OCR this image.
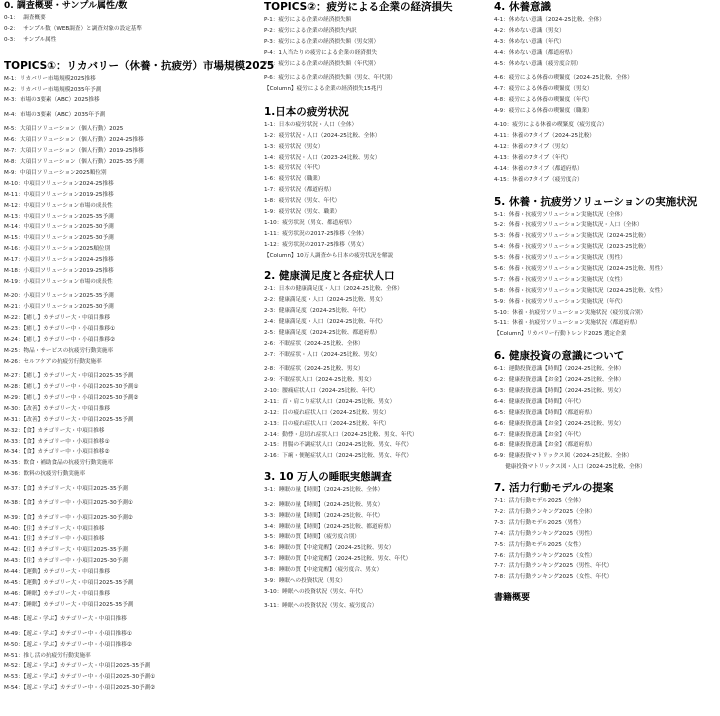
0. 調査概要・サンプル属性/数
0-1：　 調査概要
0-2：　 サンプル数（WEB調査）と調査対象の設定基準
0-3：　 サンプル属性
TOPICS①：リカバリー（休養・抗疲労）市場規模2025
M-1：リカバリー市場規模2025推移
M-2：リカバリー市場規模2035年予測
M-3：市場の3要素（ABC）2025推移
M-4：市場の3要素（ABC）2035年予測
M-5：大項目ソリューション（個人行動）2025
M-6：大項目ソリューション（個人行動）2024-25推移
M-7：大項目ソリューション（個人行動）2019-25推移
M-8：大項目ソリューション（個人行動）2025-35予測
M-9：中項目ソリューション2025順位別
M-10：中項目ソリューション2024-25推移
M-11：中項目ソリューション2019-25推移
M-12：中項目ソリューション市場の成長性
M-13：中項目ソリューション2025-35予測
M-14：中項目ソリューション2025-30予測
M-15：中項目ソリューション2025-30予測
M-16：小項目ソリューション2025順位別
M-17：小項目ソリューション2024-25推移
M-18：小項目ソリューション2019-25推移
M-19：小項目ソリューション市場の成長性
M-20：小項目ソリューション2025-35予測
M-21：小項目ソリューション2025-30予測
M-22：【癒し】カテゴリー大・中項目推移
M-23：【癒し】カテゴリー中・小項目推移①
M-24：【癒し】カテゴリー中・小項目推移②
M-25：物品・サービスの抗疲労行動実施率
M-26：セルフケアの抗疲労行動実施率
M-27：【癒し】カテゴリー大・中項目2025-35予測
M-28：【癒し】カテゴリー中・小項目2025-30予測①
M-29：【癒し】カテゴリー中・小項目2025-30予測②
M-30：【改善】カテゴリー大・中項目推移
M-31：【改善】カテゴリー大・中項目2025-35予測
M-32：【食】カテゴリー大・中項目推移
M-33：【食】カテゴリー中・小項目推移①
M-34：【食】カテゴリー中・小項目推移②
M-35：飲食・補助食品の抗疲労行動実施率
M-36：飲料の抗疲労行動実施率
M-37：【食】カテゴリー大・中項目2025-35予測
M-38：【食】カテゴリー中・小項目2025-30予測①
M-39：【食】カテゴリー中・小項目2025-30予測②
M-40：【住】カテゴリー大・中項目推移
M-41：【住】カテゴリー中・小項目推移
M-42：【住】カテゴリー大・中項目2025-35予測
M-43：【住】カテゴリー中・小項目2025-30予測
M-44：【運動】カテゴリー大・中項目推移
M-45：【運動】カテゴリー大・中項目2025-35予測
M-46：【睡眠】カテゴリー大・中項目推移
M-47：【睡眠】カテゴリー大・中項目2025-35予測
M-48：【遊ぶ・学ぶ】カテゴリー大・中項目推移
M-49：【遊ぶ・学ぶ】カテゴリー中・小項目推移①
M-50：【遊ぶ・学ぶ】カテゴリー中・小項目推移②
M-51：推し活の抗疲労行動実施率
M-52：【遊ぶ・学ぶ】カテゴリー大・中項目2025-35予測
M-53：【遊ぶ・学ぶ】カテゴリー中・小項目2025-30予測①
M-54：【遊ぶ・学ぶ】カテゴリー中・小項目2025-30予測②
TOPICS②：疲労による企業の経済損失
P-1：疲労による企業の経済損失額
P-2：疲労による企業の経済損失内訳
P-3：疲労による企業の経済損失額（男女別）
P-4：1人当たりの疲労による企業の経済損失
P-5：疲労による企業の経済損失額（年代別）
P-6：疲労による企業の経済損失額（男女、年代別）
【Column】疲労による企業の経済損失15兆円
1.日本の疲労状況
1-1：日本の疲労状況・人口（全体）
1-2：疲労状況・人口（2024-25比較、全体）
1-3：疲労状況（男女）
1-4：疲労状況・人口（2023-24比較、男女）
1-5：疲労状況（年代）
1-6：疲労状況（職業）
1-7：疲労状況（都道府県）
1-8：疲労状況（男女、年代）
1-9：疲労状況（男女、職業）
1-10：疲労状況（男女、都道府県）
1-11：疲労状況の2017-25推移（全体）
1-12：疲労状況の2017-25推移（男女）
【Column】10万人調査から日本の疲労状況を解説
2. 健康満足度と各症状人口
2-1：日本の健康満足度・人口（2024-25比較、全体）
2-2：健康満足度・人口（2024-25比較、男女）
2-3：健康満足度（2024-25比較、年代）
2-4：健康満足度・人口（2024-25比較、年代）
2-5：健康満足度（2024-25比較、都道府県）
2-6：不眠症状（2024-25比較、全体）
2-7：不眠症状・人口（2024-25比較、男女）
2-8：不眠症状（2024-25比較、男女）
2-9：不眠症状人口（2024-25比較、男女）
2-10：腰痛症状人口（2024-25比較、年代）
2-11：首・肩こり症状人口（2024-25比較、男女）
2-12：目の疲れ症状人口（2024-25比較、男女）
2-13：目の疲れ症状人口（2024-25比較、年代）
2-14：動悸・息切れ症状人口（2024-25比較、男女、年代）
2-15：胃腸の不調症状人口（2024-25比較、男女、年代）
2-16：下痢・便秘症状人口（2024-25比較、男女、年代）
3. 10 万人の睡眠実態調査
3-1：睡眠の量【時間】（2024-25比較、全体）
3-2：睡眠の量【時間】（2024-25比較、男女）
3-3：睡眠の量【時間】（2024-25比較、年代）
3-4：睡眠の量【時間】（2024-25比較、都道府県）
3-5：睡眠の質【時間】（疲労度合別）
3-6：睡眠の質【中途覚醒】（2024-25比較、男女）
3-7：睡眠の質【中途覚醒】（2024-25比較、男女、年代）
3-8：睡眠の質【中途覚醒】（疲労度合、男女）
3-9：睡眠への投資状況（男女）
3-10：睡眠への投資状況（男女、年代）
3-11：睡眠への投資状況（男女、疲労度合）
4. 休養意識
4-1：休めない意識（2024-25比較、全体）
4-2：休めない意識（男女）
4-3：休めない意識（年代）
4-4：休めない意識（都道府県）
4-5：休めない意識（疲労度合別）
4-6：疲労による休養の喫緊度（2024-25比較、全体）
4-7：疲労による休養の喫緊度（男女）
4-8：疲労による休養の喫緊度（年代）
4-9：疲労による休養の喫緊度（職業）
4-10：疲労による休養の喫緊度（疲労度合）
4-11：休養の7タイプ（2024-25比較）
4-12：休養の7タイプ（男女）
4-13：休養の7タイプ（年代）
4-14：休養の7タイプ（都道府県）
4-15：休養の7タイプ（疲労度合）
5. 休養・抗疲労ソリューションの実施状況
5-1：休養・抗疲労ソリューション実施状況（全体）
5-2：休養・抗疲労ソリューション実施状況・人口（全体）
5-3：休養・抗疲労ソリューション実施状況（2024-25比較）
5-4：休養・抗疲労ソリューション実施状況（2023-25比較）
5-5：休養・抗疲労ソリューション実施状況（男性）
5-6：休養・抗疲労ソリューション実施状況（2024-25比較、男性）
5-7：休養・抗疲労ソリューション実施状況（女性）
5-8：休養・抗疲労ソリューション実施状況（2024-25比較、女性）
5-9：休養・抗疲労ソリューション実施状況（年代）
5-10：休養・抗疲労ソリューション実施状況（疲労度合別）
5-11：休養・抗疲労ソリューション実施状況（都道府県）
【Column】リカバリー行動トレンド2025 選定企業
6. 健康投資の意識について
6-1：運動投資意識【時間】（2024-25比較、全体）
6-2：健康投資意識【お金】（2024-25比較、全体）
6-3：健康投資意識【時間】（2024-25比較、男女）
6-4：健康投資意識【時間】（年代）
6-5：健康投資意識【時間】（都道府県）
6-6：健康投資意識【お金】（2024-25比較、男女）
6-7：健康投資意識【お金】（年代）
6-8：健康投資意識【お金】（都道府県）
6-9：健康投資マトリックス図（2024-25比較、全体）
　　健康投資マトリックス図・人口（2024-25比較、全体）
7. 活力行動モデルの提案
7-1：活力行動モデル2025（全体）
7-2：活力行動ランキング2025（全体）
7-3：活力行動モデル2025（男性）
7-4：活力行動ランキング2025（男性）
7-5：活力行動モデル2025（女性）
7-6：活力行動ランキング2025（女性）
7-7：活力行動ランキング2025（男性、年代）
7-8：活力行動ランキング2025（女性、年代）
書籍概要
